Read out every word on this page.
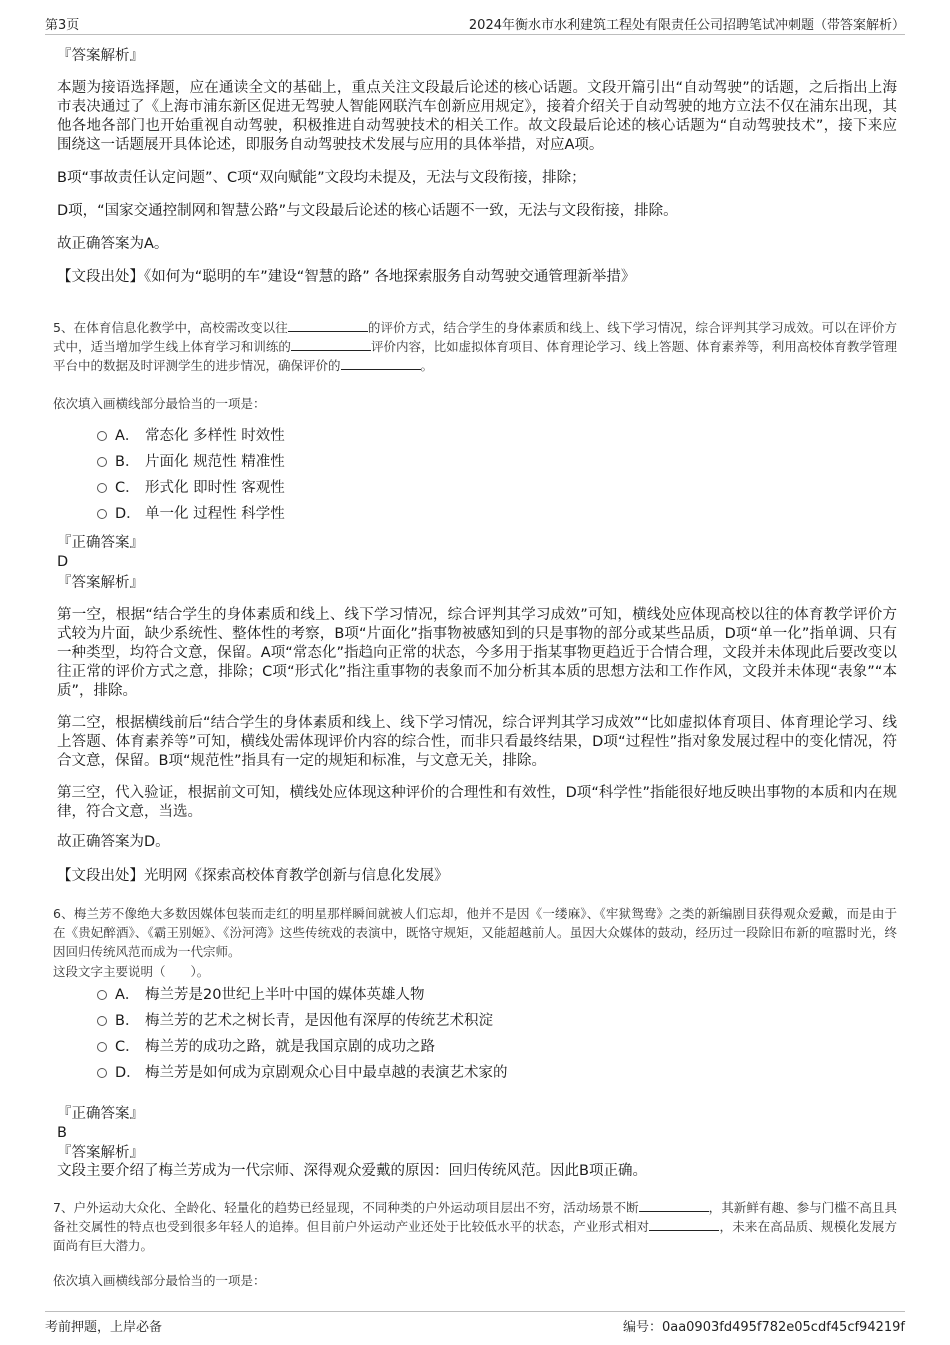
第3页	2024年衡水市水利建筑工程处有限责任公司招聘笔试冲刺题（带答案解析）

『答案解析』

本题为接语选择题，应在通读全文的基础上，重点关注文段最后论述的核心话题。文段开篇引出“自动驾驶”的话题，之后指出上海市表决通过了《上海市浦东新区促进无驾驶人智能网联汽车创新应用规定》，接着介绍关于自动驾驶的地方立法不仅在浦东出现，其他各地各部门也开始重视自动驾驶，积极推进自动驾驶技术的相关工作。故文段最后论述的核心话题为“自动驾驶技术”，接下来应围绕这一话题展开具体论述，即服务自动驾驶技术发展与应用的具体举措，对应A项。

B项“事故责任认定问题”、C项“双向赋能”文段均未提及，无法与文段衔接，排除；

D项，“国家交通控制网和智慧公路”与文段最后论述的核心话题不一致，无法与文段衔接，排除。

故正确答案为A。

【文段出处】《如何为“聪明的车”建设“智慧的路” 各地探索服务自动驾驶交通管理新举措》

5、在体育信息化教学中，高校需改变以往	的评价方式，结合学生的身体素质和线上、线下学习情况，综合评判其学习成效。可以在评价方式中，适当增加学生线上体育学习和训练的	评价内容，比如虚拟体育项目、体育理论学习、线上答题、体育素养等，利用高校体育教学管理平台中的数据及时评测学生的进步情况，确保评价的	。

依次填入画横线部分最恰当的一项是：

A． 常态化 多样性 时效性
B． 片面化 规范性 精准性
C． 形式化 即时性 客观性
D． 单一化 过程性 科学性

『正确答案』

D

『答案解析』

第一空，根据“结合学生的身体素质和线上、线下学习情况，综合评判其学习成效”可知，横线处应体现高校以往的体育教学评价方式较为片面，缺少系统性、整体性的考察，B项“片面化”指事物被感知到的只是事物的部分或某些品质，D项“单一化”指单调、只有一种类型，均符合文意，保留。A项“常态化”指趋向正常的状态，今多用于指某事物更趋近于合情合理，文段并未体现此后要改变以往正常的评价方式之意，排除；C项“形式化”指注重事物的表象而不加分析其本质的思想方法和工作作风，文段并未体现“表象”“本质”，排除。

第二空，根据横线前后“结合学生的身体素质和线上、线下学习情况，综合评判其学习成效”“比如虚拟体育项目、体育理论学习、线上答题、体育素养等”可知，横线处需体现评价内容的综合性，而非只看最终结果，D项“过程性”指对象发展过程中的变化情况，符合文意，保留。B项“规范性”指具有一定的规矩和标准，与文意无关，排除。

第三空，代入验证，根据前文可知，横线处应体现这种评价的合理性和有效性，D项“科学性”指能很好地反映出事物的本质和内在规律，符合文意，当选。

故正确答案为D。

【文段出处】光明网《探索高校体育教学创新与信息化发展》

6、梅兰芳不像绝大多数因媒体包装而走红的明星那样瞬间就被人们忘却，他并不是因《一缕麻》、《牢狱鸳鸯》之类的新编剧目获得观众爱戴，而是由于在《贵妃醉酒》、《霸王别姬》、《汾河湾》这些传统戏的表演中，既恪守规矩，又能超越前人。虽因大众媒体的鼓动，经历过一段除旧布新的喧嚣时光，终因回归传统风范而成为一代宗师。

这段文字主要说明（　　）。

A． 梅兰芳是20世纪上半叶中国的媒体英雄人物
B． 梅兰芳的艺术之树长青，是因他有深厚的传统艺术积淀
C． 梅兰芳的成功之路，就是我国京剧的成功之路
D． 梅兰芳是如何成为京剧观众心目中最卓越的表演艺术家的

『正确答案』

B

『答案解析』

文段主要介绍了梅兰芳成为一代宗师、深得观众爱戴的原因：回归传统风范。因此B项正确。

7、户外运动大众化、全龄化、轻量化的趋势已经显现，不同种类的户外运动项目层出不穷，活动场景不断	，其新鲜有趣、参与门槛不高且具备社交属性的特点也受到很多年轻人的追捧。但目前户外运动产业还处于比较低水平的状态，产业形式相对	，未来在高品质、规模化发展方面尚有巨大潜力。

依次填入画横线部分最恰当的一项是：

考前押题，上岸必备	编号：0aa0903fd495f782e05cdf45cf94219f
